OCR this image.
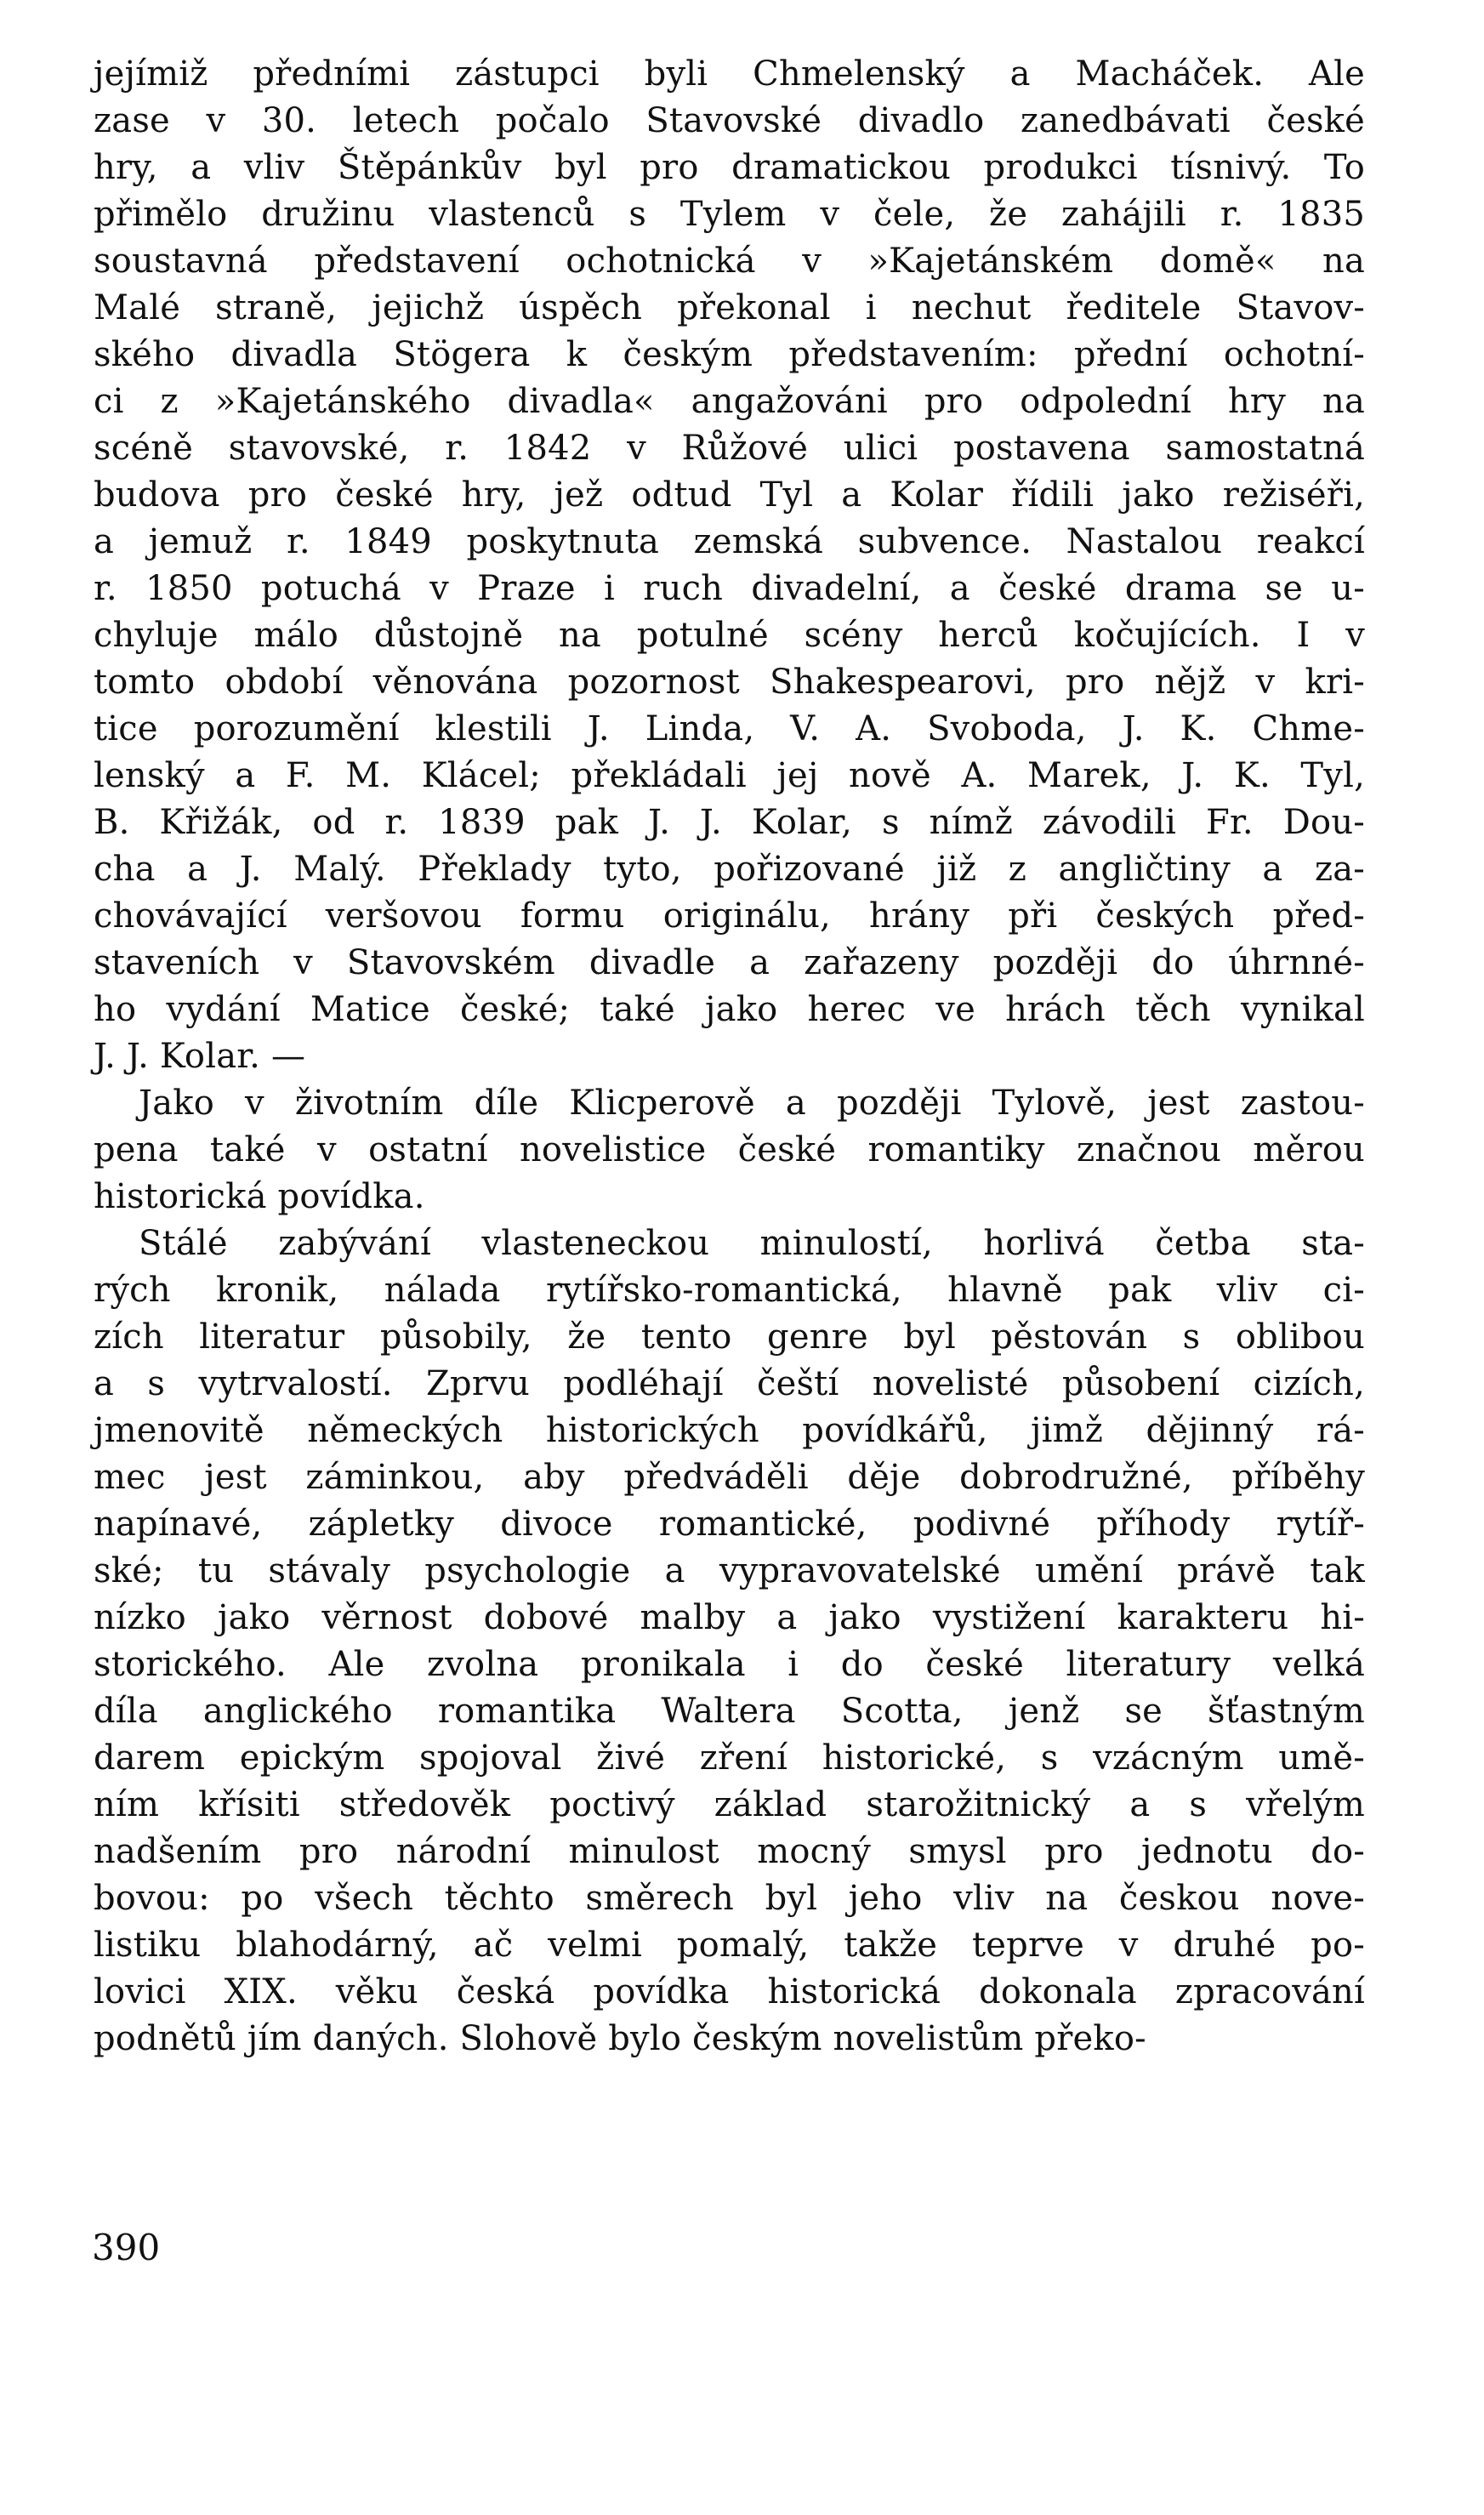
jejímiž předními zástupci byli Chmelenský a Macháček. Ale
zase v 30. letech počalo Stavovské divadlo zanedbávati české
hry, a vliv Štěpánkův byl pro dramatickou produkci tísnivý. To
přimělo družinu vlastenců s Tylem v čele, že zahájili r. 1835
soustavná představení ochotnická v »Kajetánském domě« na
Malé straně, jejichž úspěch překonal i nechut ředitele Stavov-
ského divadla Stögera k českým představením: přední ochotní-
ci z »Kajetánského divadla« angažováni pro odpolední hry na
scéně stavovské, r. 1842 v Růžové ulici postavena samostatná
budova pro české hry, jež odtud Tyl a Kolar řídili jako režiséři,
a jemuž r. 1849 poskytnuta zemská subvence. Nastalou reakcí
r. 1850 potuchá v Praze i ruch divadelní, a české drama se u-
chyluje málo důstojně na potulné scény herců kočujících. I v
tomto období věnována pozornost Shakespearovi, pro nějž v kri-
tice porozumění klestili J. Linda, V. A. Svoboda, J. K. Chme-
lenský a F. M. Klácel; překládali jej nově A. Marek, J. K. Tyl,
B. Křižák, od r. 1839 pak J. J. Kolar, s nímž závodili Fr. Dou-
cha a J. Malý. Překlady tyto, pořizované již z angličtiny a za-
chovávající veršovou formu originálu, hrány při českých před-
staveních v Stavovském divadle a zařazeny později do úhrnné-
ho vydání Matice české; také jako herec ve hrách těch vynikal
J. J. Kolar. —
Jako v životním díle Klicperově a později Tylově, jest zastou-
pena také v ostatní novelistice české romantiky značnou měrou
historická povídka.
Stálé zabývání vlasteneckou minulostí, horlivá četba sta-
rých kronik, nálada rytířsko-romantická, hlavně pak vliv ci-
zích literatur působily, že tento genre byl pěstován s oblibou
a s vytrvalostí. Zprvu podléhají čeští novelisté působení cizích,
jmenovitě německých historických povídkářů, jimž dějinný rá-
mec jest záminkou, aby předváděli děje dobrodružné, příběhy
napínavé, zápletky divoce romantické, podivné příhody rytíř-
ské; tu stávaly psychologie a vypravovatelské umění právě tak
nízko jako věrnost dobové malby a jako vystižení karakteru hi-
storického. Ale zvolna pronikala i do české literatury velká
díla anglického romantika Waltera Scotta, jenž se šťastným
darem epickým spojoval živé zření historické, s vzácným umě-
ním křísiti středověk poctivý základ starožitnický a s vřelým
nadšením pro národní minulost mocný smysl pro jednotu do-
bovou: po všech těchto směrech byl jeho vliv na českou nove-
listiku blahodárný, ač velmi pomalý, takže teprve v druhé po-
lovici XIX. věku česká povídka historická dokonala zpracování
podnětů jím daných. Slohově bylo českým novelistům překo-
390
